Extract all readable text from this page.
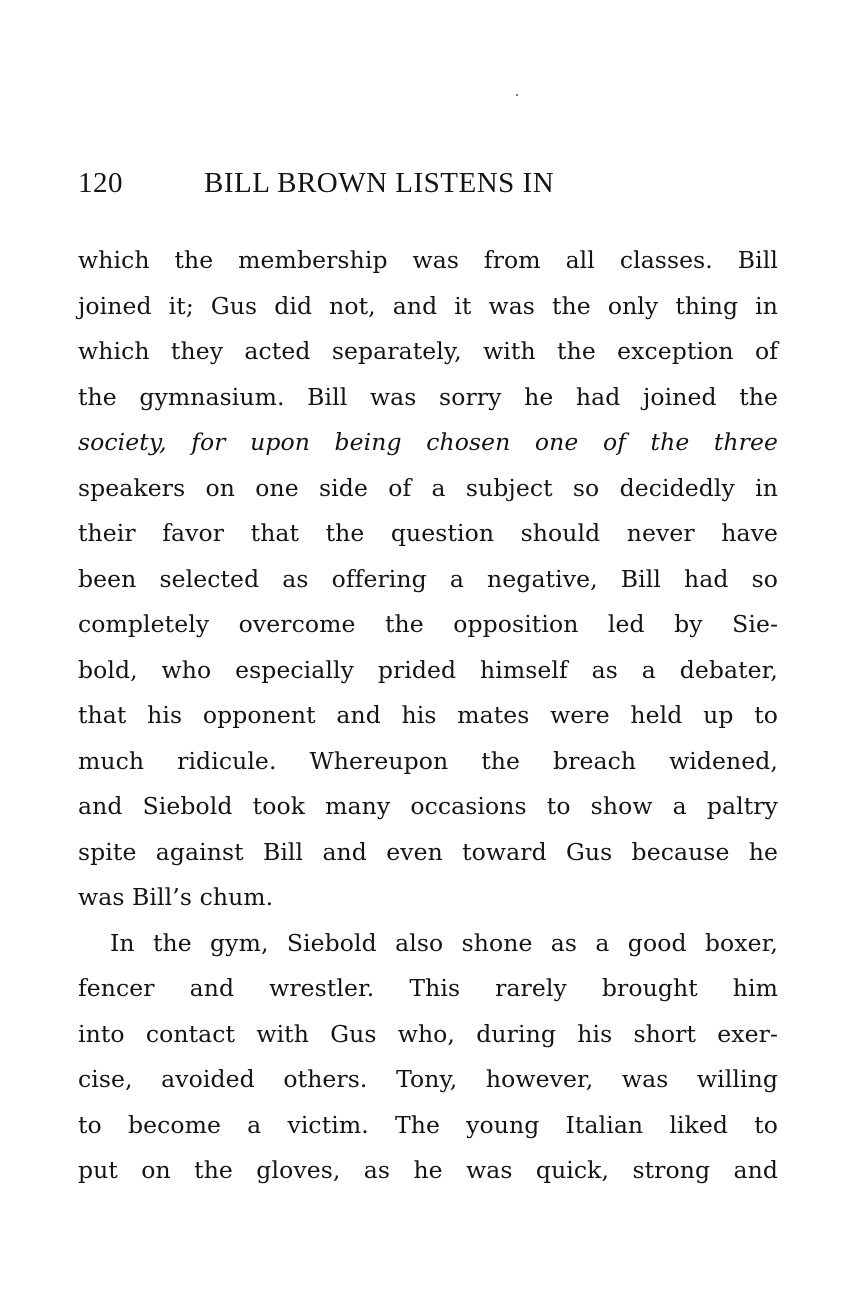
120	BILL BROWN LISTENS IN
which the membership was from all classes. Bill
joined it; Gus did not, and it was the only thing in
which they acted separately, with the exception of
the gymnasium. Bill was sorry he had joined the
society, for upon being chosen one of the three
speakers on one side of a subject so decidedly in
their favor that the question should never have
been selected as offering a negative, Bill had so
completely overcome the opposition led by Sie-
bold, who especially prided himself as a debater,
that his opponent and his mates were held up to
much ridicule. Whereupon the breach widened,
and Siebold took many occasions to show a paltry
spite against Bill and even toward Gus because he
was Bill’s chum.
In the gym, Siebold also shone as a good boxer,
fencer and wrestler. This rarely brought him
into contact with Gus who, during his short exer-
cise, avoided others. Tony, however, was willing
to become a victim. The young Italian liked to
put on the gloves, as he was quick, strong and
